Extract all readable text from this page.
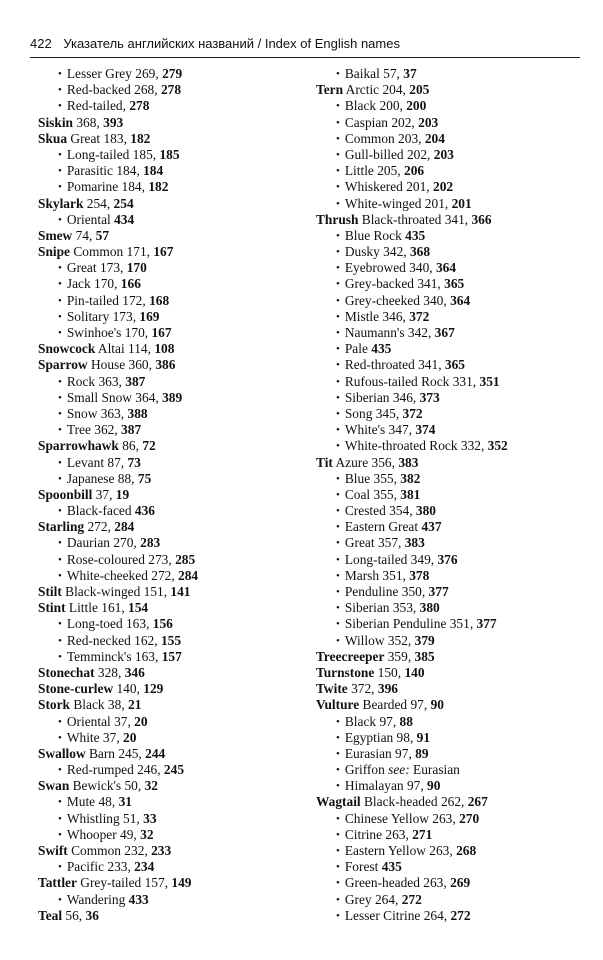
422 Указатель английских названий / Index of English names
• Lesser Grey 269, 279
• Red-backed 268, 278
• Red-tailed, 278
Siskin 368, 393
Skua Great 183, 182
• Long-tailed 185, 185
• Parasitic 184, 184
• Pomarine 184, 182
Skylark 254, 254
• Oriental 434
Smew 74, 57
Snipe Common 171, 167
• Great 173, 170
• Jack 170, 166
• Pin-tailed 172, 168
• Solitary 173, 169
• Swinhoe's 170, 167
Snowcock Altai 114, 108
Sparrow House 360, 386
• Rock 363, 387
• Small Snow 364, 389
• Snow 363, 388
• Tree 362, 387
Sparrowhawk 86, 72
• Levant 87, 73
• Japanese 88, 75
Spoonbill 37, 19
• Black-faced 436
Starling 272, 284
• Daurian 270, 283
• Rose-coloured 273, 285
• White-cheeked 272, 284
Stilt Black-winged 151, 141
Stint Little 161, 154
• Long-toed 163, 156
• Red-necked 162, 155
• Temminck's 163, 157
Stonechat 328, 346
Stone-curlew 140, 129
Stork Black 38, 21
• Oriental 37, 20
• White 37, 20
Swallow Barn 245, 244
• Red-rumped 246, 245
Swan Bewick's 50, 32
• Mute 48, 31
• Whistling 51, 33
• Whooper 49, 32
Swift Common 232, 233
• Pacific 233, 234
Tattler Grey-tailed 157, 149
• Wandering 433
Teal 56, 36
• Baikal 57, 37
Tern Arctic 204, 205
• Black 200, 200
• Caspian 202, 203
• Common 203, 204
• Gull-billed 202, 203
• Little 205, 206
• Whiskered 201, 202
• White-winged 201, 201
Thrush Black-throated 341, 366
• Blue Rock 435
• Dusky 342, 368
• Eyebrowed 340, 364
• Grey-backed 341, 365
• Grey-cheeked 340, 364
• Mistle 346, 372
• Naumann's 342, 367
• Pale 435
• Red-throated 341, 365
• Rufous-tailed Rock 331, 351
• Siberian 346, 373
• Song 345, 372
• White's 347, 374
• White-throated Rock 332, 352
Tit Azure 356, 383
• Blue 355, 382
• Coal 355, 381
• Crested 354, 380
• Eastern Great 437
• Great 357, 383
• Long-tailed 349, 376
• Marsh 351, 378
• Penduline 350, 377
• Siberian 353, 380
• Siberian Penduline 351, 377
• Willow 352, 379
Treecreeper 359, 385
Turnstone 150, 140
Twite 372, 396
Vulture Bearded 97, 90
• Black 97, 88
• Egyptian 98, 91
• Eurasian 97, 89
• Griffon see: Eurasian
• Himalayan 97, 90
Wagtail Black-headed 262, 267
• Chinese Yellow 263, 270
• Citrine 263, 271
• Eastern Yellow 263, 268
• Forest 435
• Green-headed 263, 269
• Grey 264, 272
• Lesser Citrine 264, 272
